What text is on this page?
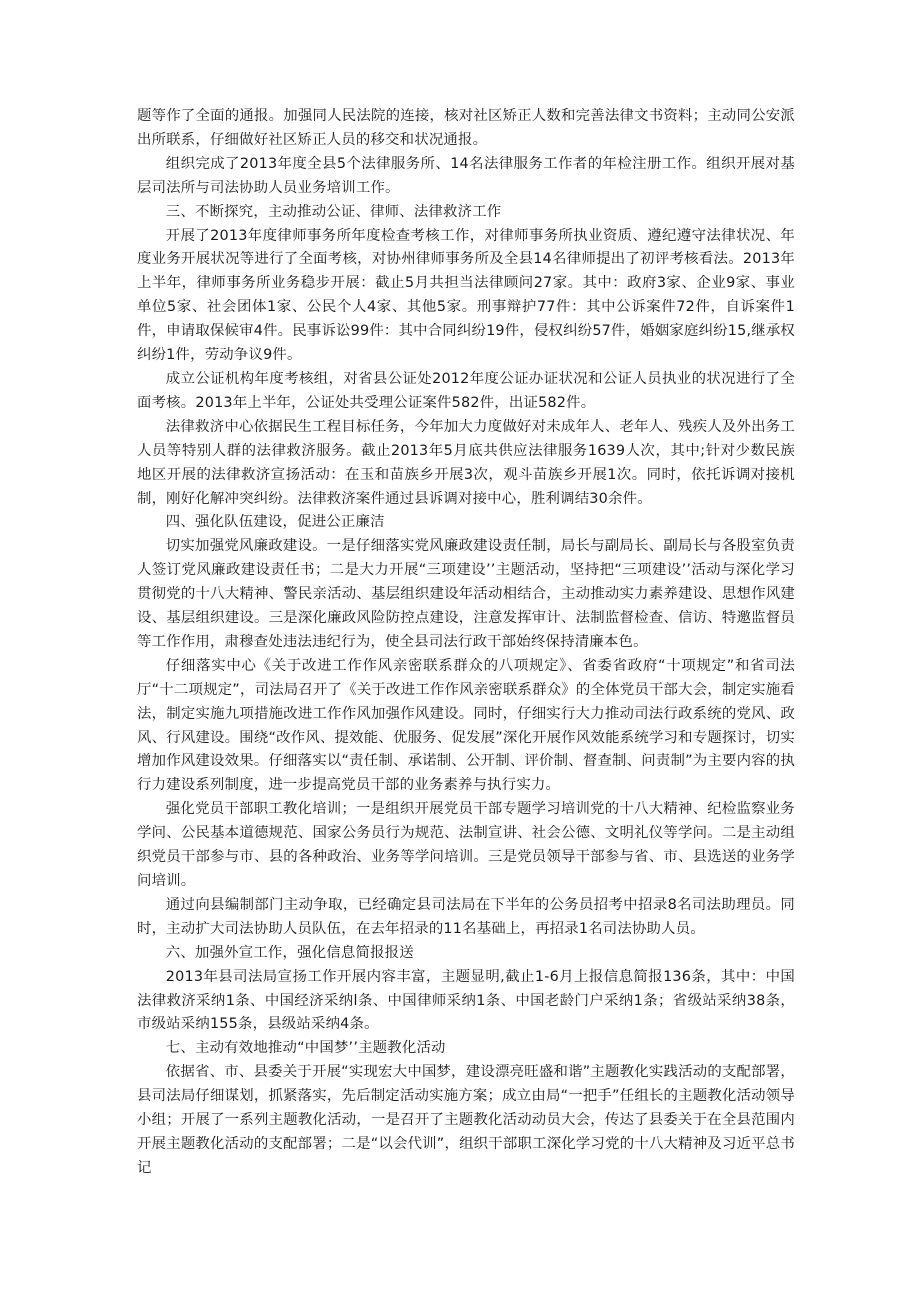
题等作了全面的通报。加强同人民法院的连接，核对社区矫正人数和完善法律文书资料；主动同公安派出所联系，仔细做好社区矫正人员的移交和状况通报。

组织完成了2013年度全县5个法律服务所、14名法律服务工作者的年检注册工作。组织开展对基层司法所与司法协助人员业务培训工作。

三、不断探究，主动推动公证、律师、法律救济工作

开展了2013年度律师事务所年度检查考核工作，对律师事务所执业资质、遵纪遵守法律状况、年度业务开展状况等进行了全面考核，对协州律师事务所及全县14名律师提出了初评考核看法。2013年上半年，律师事务所业务稳步开展：截止5月共担当法律顾问27家。其中：政府3家、企业9家、事业单位5家、社会团体1家、公民个人4家、其他5家。刑事辩护77件：其中公诉案件72件，自诉案件1件，申请取保候审4件。民事诉讼99件：其中合同纠纷19件，侵权纠纷57件，婚姻家庭纠纷15,继承权纠纷1件，劳动争议9件。

成立公证机构年度考核组，对省县公证处2012年度公证办证状况和公证人员执业的状况进行了全面考核。2013年上半年，公证处共受理公证案件582件，出证582件。

法律救济中心依据民生工程目标任务，今年加大力度做好对未成年人、老年人、残疾人及外出务工人员等特别人群的法律救济服务。截止2013年5月底共供应法律服务1639人次，其中;针对少数民族地区开展的法律救济宣扬活动：在玉和苗族乡开展3次，观斗苗族乡开展1次。同时，依托诉调对接机制，刚好化解冲突纠纷。法律救济案件通过县诉调对接中心，胜利调结30余件。

四、强化队伍建设，促进公正廉洁

切实加强党风廉政建设。一是仔细落实党风廉政建设责任制，局长与副局长、副局长与各股室负责人签订党风廉政建设责任书；二是大力开展“三项建设’’主题活动，坚持把“三项建设’’活动与深化学习贯彻党的十八大精神、警民亲活动、基层组织建设年活动相结合，主动推动实力素养建设、思想作风建设、基层组织建设。三是深化廉政风险防控点建设，注意发挥审计、法制监督检查、信访、特邀监督员等工作作用，肃穆查处违法违纪行为，使全县司法行政干部始终保持清廉本色。

仔细落实中心《关于改进工作作风亲密联系群众的八项规定》、省委省政府“十项规定”和省司法厅“十二项规定”，司法局召开了《关于改进工作作风亲密联系群众》的全体党员干部大会，制定实施看法，制定实施九项措施改进工作作风加强作风建设。同时，仔细实行大力推动司法行政系统的党风、政风、行风建设。围绕“改作风、提效能、优服务、促发展”深化开展作风效能系统学习和专题探讨，切实增加作风建设效果。仔细落实以“责任制、承诺制、公开制、评价制、督查制、问责制”为主要内容的执行力建设系列制度，进一步提高党员干部的业务素养与执行实力。

强化党员干部职工教化培训；一是组织开展党员干部专题学习培训党的十八大精神、纪检监察业务学问、公民基本道德规范、国家公务员行为规范、法制宣讲、社会公德、文明礼仪等学问。二是主动组织党员干部参与市、县的各种政治、业务等学问培训。三是党员领导干部参与省、市、县选送的业务学问培训。

通过向县编制部门主动争取，已经确定县司法局在下半年的公务员招考中招录8名司法助理员。同时，主动扩大司法协助人员队伍，在去年招录的11名基础上，再招录1名司法协助人员。

六、加强外宣工作，强化信息简报报送

2013年县司法局宣扬工作开展内容丰富，主题显明,截止1-6月上报信息简报136条，其中：中国法律救济采纳1条、中国经济采纳l条、中国律师采纳1条、中国老龄门户采纳1条；省级站采纳38条，市级站采纳155条，县级站采纳4条。

七、主动有效地推动“中国梦’’主题教化活动

依据省、市、县委关于开展“实现宏大中国梦，建设漂亮旺盛和谐”主题教化实践活动的支配部署，县司法局仔细谋划，抓紧落实，先后制定活动实施方案；成立由局“一把手”任组长的主题教化活动领导小组；开展了一系列主题教化活动，一是召开了主题教化活动动员大会，传达了县委关于在全县范围内开展主题教化活动的支配部署；二是“以会代训”，组织干部职工深化学习党的十八大精神及习近平总书记
